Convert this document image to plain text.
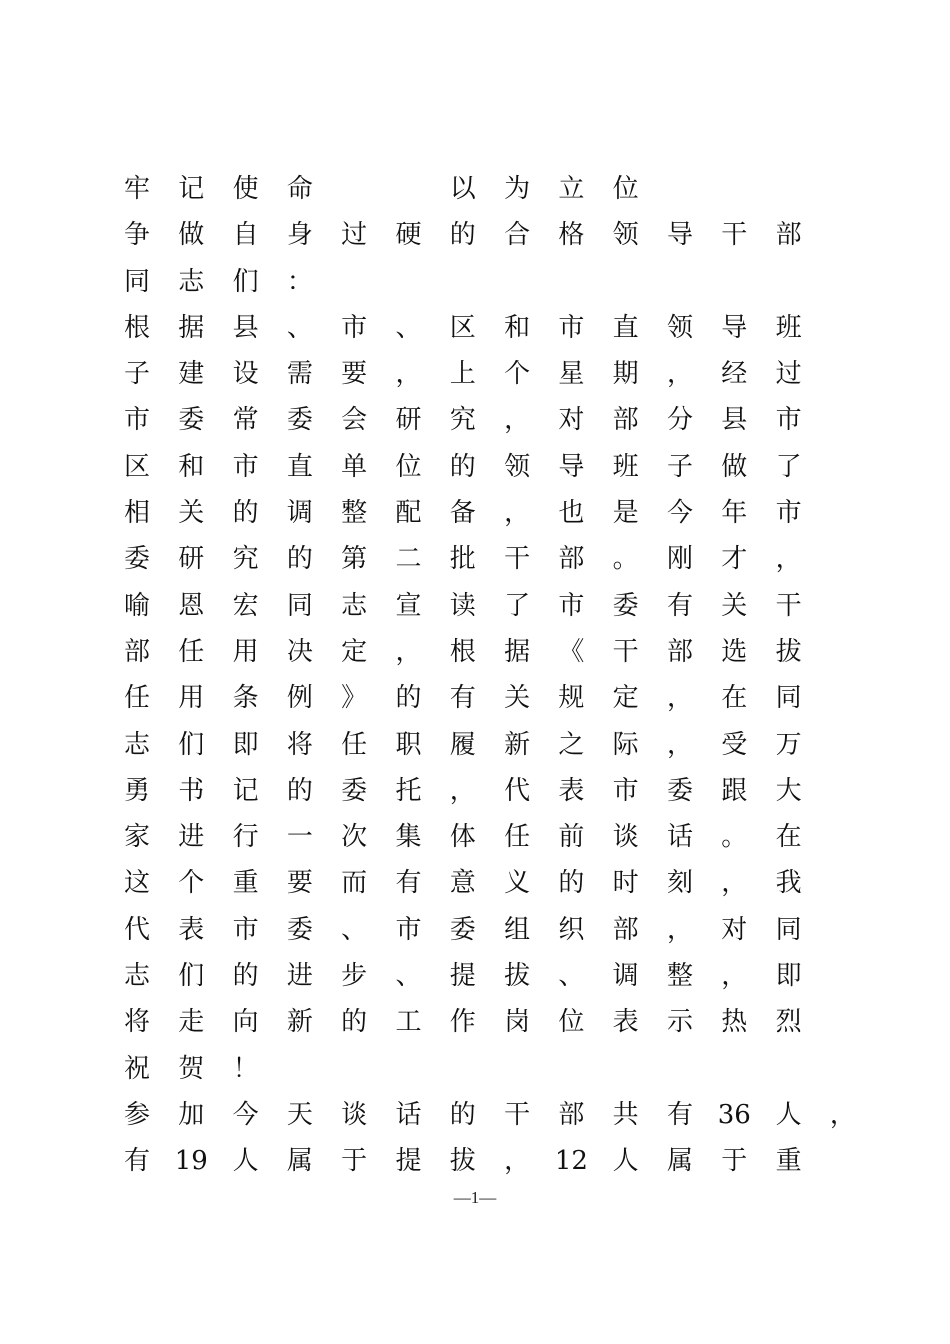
牢	记	使	命	以	为	立	位
争	做	自	身	过	硬	的	合	格	领	导	干	部
同	志	们	：
根	据	县	、	市	、	区	和	市	直	领	导	班
子	建	设	需	要	，	上	个	星	期	，	经	过
市	委	常	委	会	研	究	，	对	部	分	县	市
区	和	市	直	单	位	的	领	导	班	子	做	了
相	关	的	调	整	配	备	，	也	是	今	年	市
委	研	究	的	第	二	批	干	部	。	刚	才	，
喻	恩	宏	同	志	宣	读	了	市	委	有	关	干
部	任	用	决	定	，	根	据	《	干	部	选	拔
任	用	条	例	》	的	有	关	规	定	，	在	同
志	们	即	将	任	职	履	新	之	际	，	受	万
勇	书	记	的	委	托	，	代	表	市	委	跟	大
家	进	行	一	次	集	体	任	前	谈	话	。	在
这	个	重	要	而	有	意	义	的	时	刻	，	我
代	表	市	委	、	市	委	组	织	部	，	对	同
志	们	的	进	步	、	提	拔	、	调	整	，	即
将	走	向	新	的	工	作	岗	位	表	示	热	烈
祝	贺	！
参	加	今	天	谈	话	的	干	部	共	有 36 人	，
有 19 人	属	于	提	拔	， 12 人	属	于	重
—1—
